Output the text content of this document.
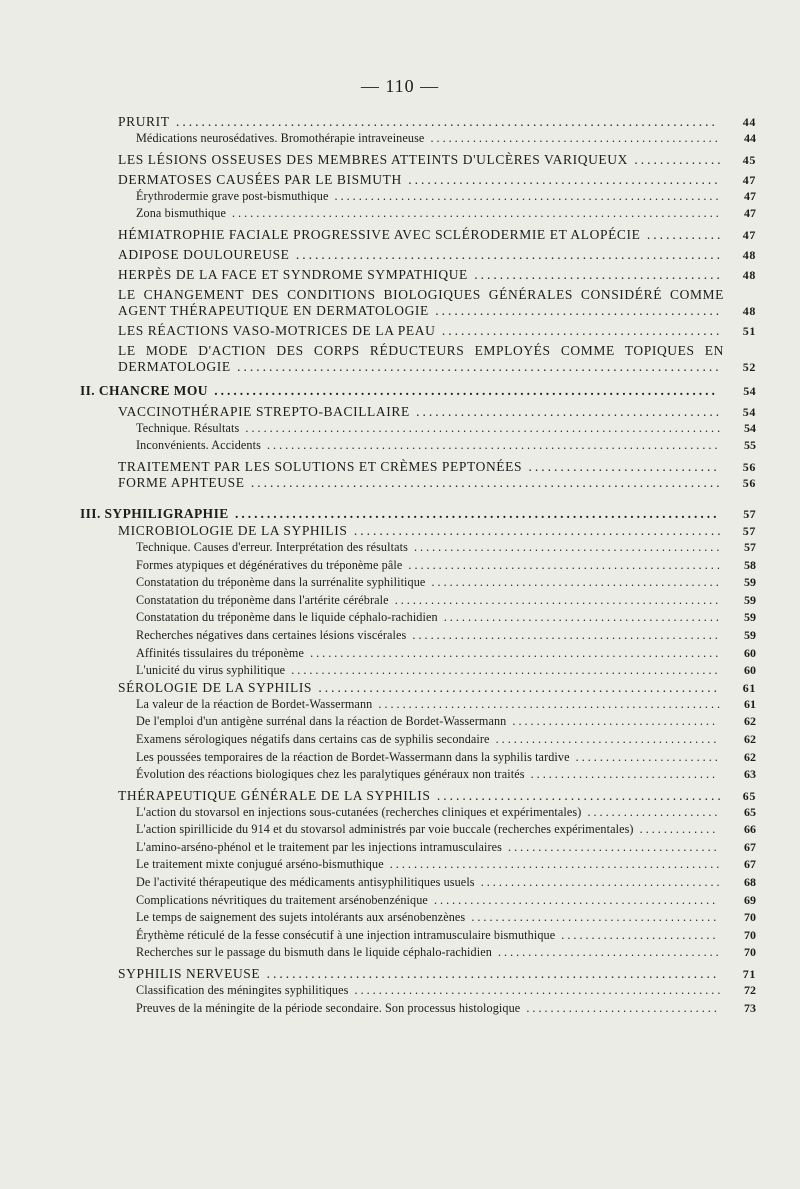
— 110 —
PRURIT .....................................................................................	44
Médications neurosédatives. Bromothérapie intraveineuse ................................................	44
LES LÉSIONS OSSEUSES DES MEMBRES ATTEINTS D'ULCÈRES VARIQUEUX ..............	45
DERMATOSES CAUSÉES PAR LE BISMUTH .................................................	47
Érythrodermie grave post-bismuthique ................................................................	47
Zona bismuthique .................................................................................	47
HÉMIATROPHIE FACIALE PROGRESSIVE AVEC SCLÉRODERMIE ET ALOPÉCIE ............	47
ADIPOSE DOULOUREUSE ...................................................................	48
HERPÈS DE LA FACE ET SYNDROME SYMPATHIQUE .......................................	48
LE CHANGEMENT DES CONDITIONS BIOLOGIQUES GÉNÉRALES CONSIDÉRÉ COMME AGENT THÉRAPEUTIQUE EN DERMATOLOGIE .............................................	48
LES RÉACTIONS VASO-MOTRICES DE LA PEAU ............................................	51
LE MODE D'ACTION DES CORPS RÉDUCTEURS EMPLOYÉS COMME TOPIQUES EN DERMATOLOGIE ............................................................................	52
II. CHANCRE MOU ...............................................................................	54
VACCINOTHÉRAPIE STREPTO-BACILLAIRE ................................................	54
Technique. Résultats ...............................................................................	54
Inconvénients. Accidents ...........................................................................	55
TRAITEMENT PAR LES SOLUTIONS ET CRÈMES PEPTONÉES ..............................	56
FORME APHTEUSE ..........................................................................	56
III. SYPHILIGRAPHIE ............................................................................	57
MICROBIOLOGIE DE LA SYPHILIS ..........................................................	57
Technique. Causes d'erreur. Interprétation des résultats ...................................................	57
Formes atypiques et dégénératives du tréponème pâle ....................................................	58
Constatation du tréponème dans la surrénalite syphilitique ................................................	59
Constatation du tréponème dans l'artérite cérébrale ......................................................	59
Constatation du tréponème dans le liquide céphalo-rachidien ..............................................	59
Recherches négatives dans certaines lésions viscérales ...................................................	59
Affinités tissulaires du tréponème ....................................................................	60
L'unicité du virus syphilitique .......................................................................	60
SÉROLOGIE DE LA SYPHILIS ...............................................................	61
La valeur de la réaction de Bordet-Wassermann .........................................................	61
De l'emploi d'un antigène surrénal dans la réaction de Bordet-Wassermann ..................................	62
Examens sérologiques négatifs dans certains cas de syphilis secondaire .....................................	62
Les poussées temporaires de la réaction de Bordet-Wassermann dans la syphilis tardive ........................	62
Évolution des réactions biologiques chez les paralytiques généraux non traités ...............................	63
THÉRAPEUTIQUE GÉNÉRALE DE LA SYPHILIS .............................................	65
L'action du stovarsol en injections sous-cutanées (recherches cliniques et expérimentales) ......................	65
L'action spirillicide du 914 et du stovarsol administrés par voie buccale (recherches expérimentales) .............	66
L'amino-arséno-phénol et le traitement par les injections intramusculaires ...................................	67
Le traitement mixte conjugué arséno-bismuthique .......................................................	67
De l'activité thérapeutique des médicaments antisyphilitiques usuels ........................................	68
Complications névritiques du traitement arsénobenzénique ...............................................	69
Le temps de saignement des sujets intolérants aux arsénobenzènes .........................................	70
Érythème réticulé de la fesse consécutif à une injection intramusculaire bismuthique ..........................	70
Recherches sur le passage du bismuth dans le liquide céphalo-rachidien .....................................	70
SYPHILIS NERVEUSE .......................................................................	71
Classification des méningites syphilitiques .............................................................	72
Preuves de la méningite de la période secondaire. Son processus histologique ................................	73
